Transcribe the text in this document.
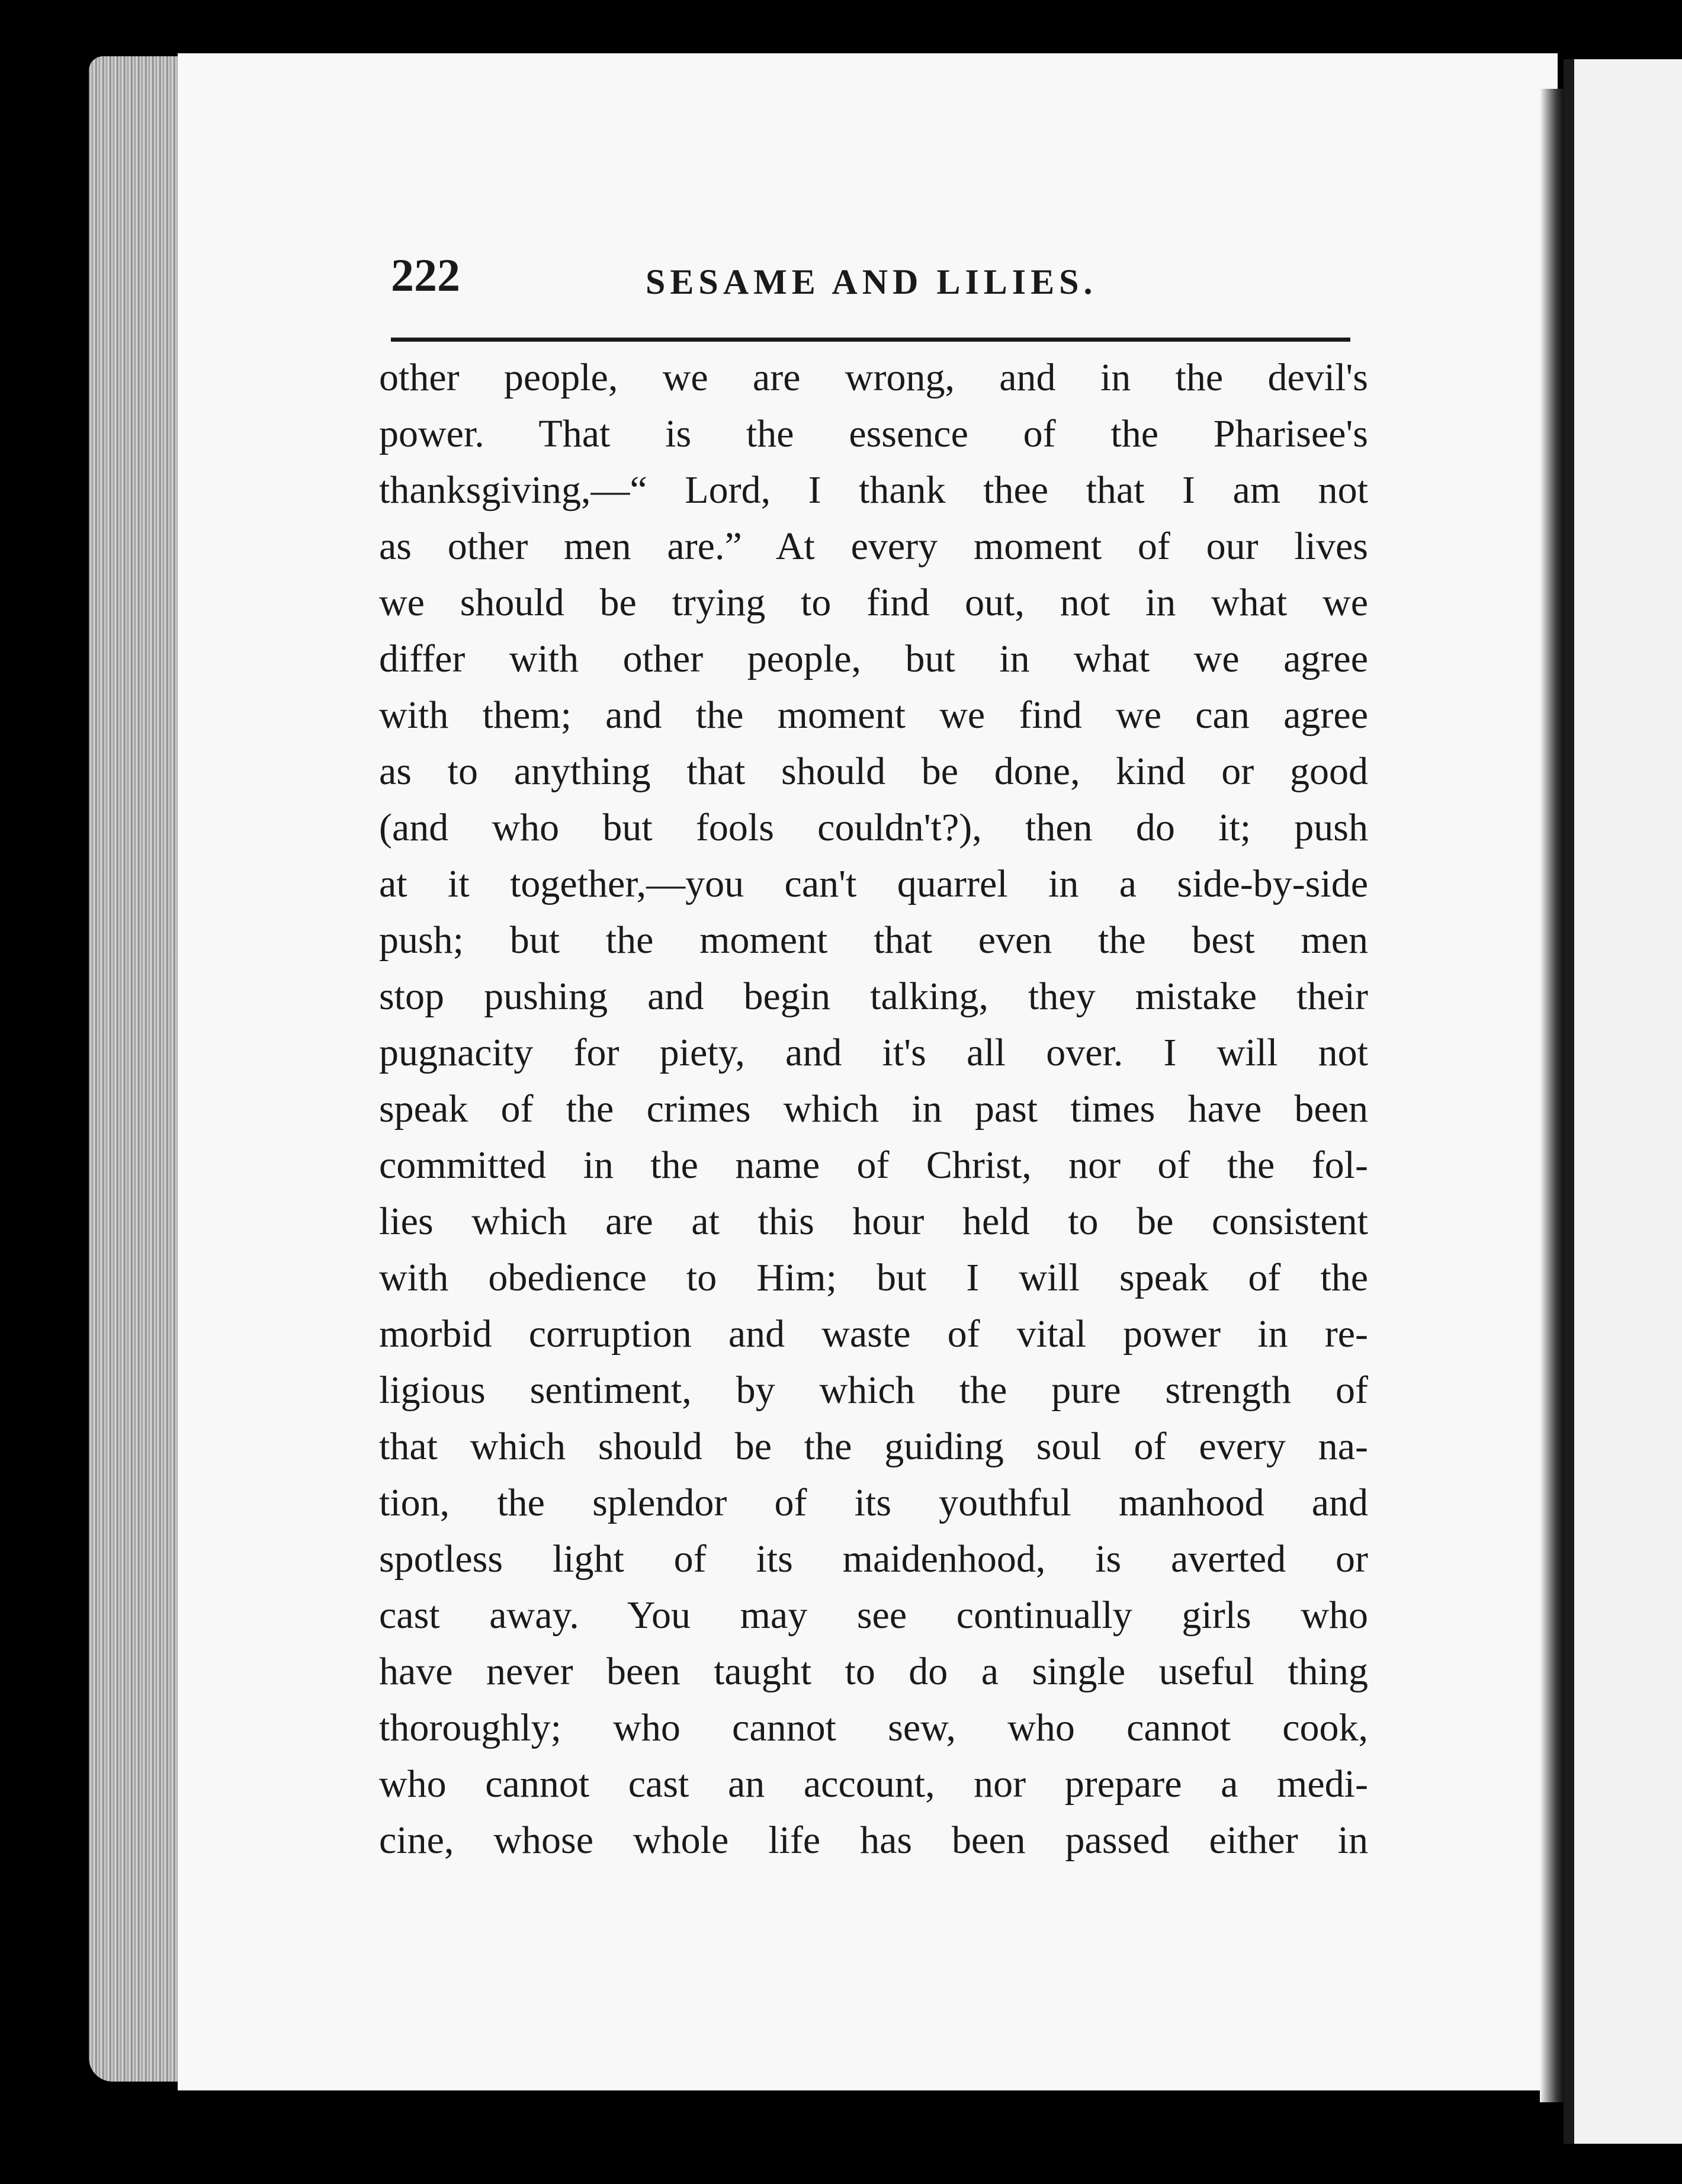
222	SESAME AND LILIES.
other people, we are wrong, and in the devil's
power. That is the essence of the Pharisee's
thanksgiving,—“ Lord, I thank thee that I am not
as other men are.” At every moment of our lives
we should be trying to find out, not in what we
differ with other people, but in what we agree
with them; and the moment we find we can agree
as to anything that should be done, kind or good
(and who but fools couldn't?), then do it; push
at it together,—you can't quarrel in a side-by-side
push; but the moment that even the best men
stop pushing and begin talking, they mistake their
pugnacity for piety, and it's all over. I will not
speak of the crimes which in past times have been
committed in the name of Christ, nor of the fol-
lies which are at this hour held to be consistent
with obedience to Him; but I will speak of the
morbid corruption and waste of vital power in re-
ligious sentiment, by which the pure strength of
that which should be the guiding soul of every na-
tion, the splendor of its youthful manhood and
spotless light of its maidenhood, is averted or
cast away. You may see continually girls who
have never been taught to do a single useful thing
thoroughly; who cannot sew, who cannot cook,
who cannot cast an account, nor prepare a medi-
cine, whose whole life has been passed either in
